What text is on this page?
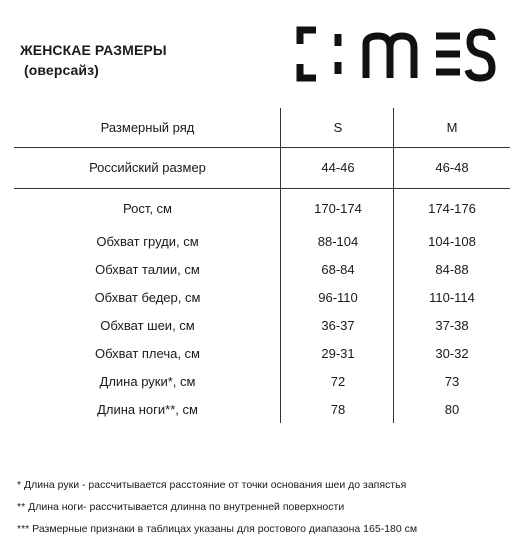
ЖЕНСКАЕ РАЗМЕРЫ
(оверсайз)
Размерный ряд	S	M
Российский размер	44-46	46-48
Рост, см	170-174	174-176
Обхват груди, см	88-104	104-108
Обхват талии, см	68-84	84-88
Обхват бедер, см	96-110	110-114
Обхват шеи, см	36-37	37-38
Обхват плеча, см	29-31	30-32
Длина руки*, см	72	73
Длина ноги**, см	78	80
* Длина руки - рассчитывается расстояние от точки основания шеи до запястья
** Длина ноги- рассчитывается длинна по внутренней поверхности
*** Размерные признаки в таблицах указаны для ростового диапазона 165-180 см
